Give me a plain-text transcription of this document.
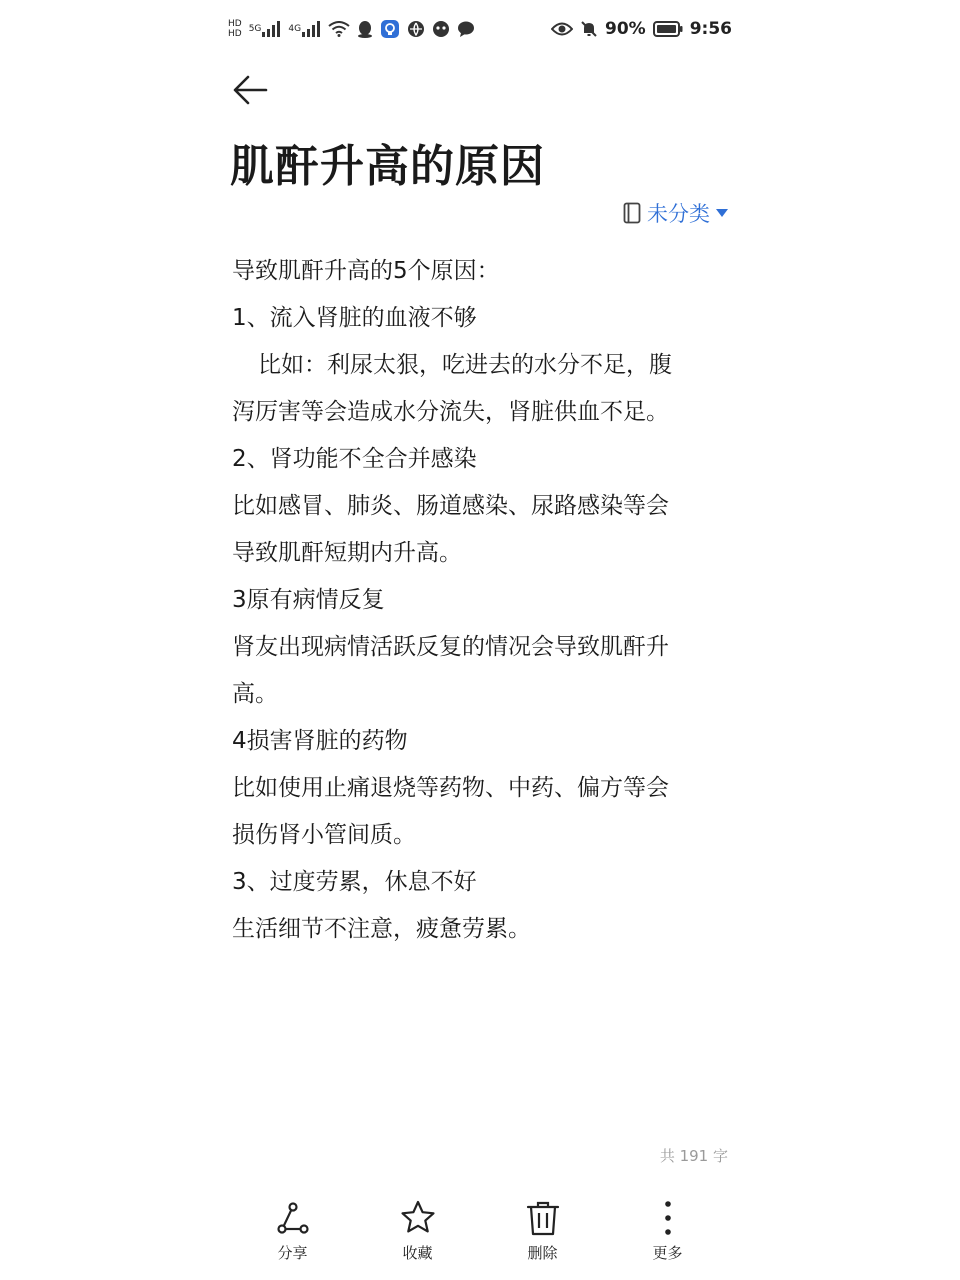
HD
HD 5G	4G	90%	9:56
肌酐升高的原因
未分类
导致肌酐升高的5个原因：
1、流入肾脏的血液不够
比如：利尿太狠，吃进去的水分不足，腹
泻厉害等会造成水分流失，肾脏供血不足。
2、肾功能不全合并感染
比如感冒、肺炎、肠道感染、尿路感染等会
导致肌酐短期内升高。
3原有病情反复
肾友出现病情活跃反复的情况会导致肌酐升
高。
4损害肾脏的药物
比如使用止痛退烧等药物、中药、偏方等会
损伤肾小管间质。
3、过度劳累，休息不好
生活细节不注意，疲惫劳累。
共 191 字
分享	收藏	删除	更多
